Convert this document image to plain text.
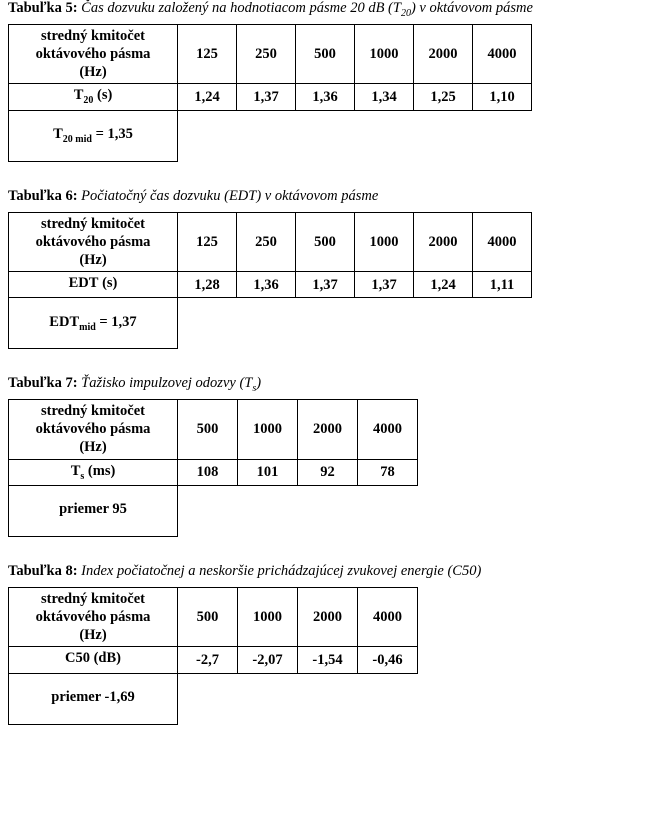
Tabuľka 5: Čas dozvuku založený na hodnotiacom pásme 20 dB $(T_{20})$ v oktávovom pásme
stredný kmitočet
oktávového pásma
(Hz)	125	250	500	1000	2000	4000
$T_{20}$ (s)	1,24	1,37	1,36	1,34	1,25	1,10
$T_{20 mid} = 1,35$						
Tabuľka 6: Počiatočný čas dozvuku (EDT) v oktávovom pásme
stredný kmitočet
oktávového pásma
(Hz)	125	250	500	1000	2000	4000
EDT (s)	1,28	1,36	1,37	1,37	1,24	1,11
$EDT_{mid} = 1,37$						
Tabuľka 7: Ťažisko impulzovej odozvy $(T_s)$
stredný kmitočet
oktávového pásma
(Hz)	500	1000	2000	4000
$T_s$ (ms)	108	101	92	78
priemer 95				
Tabuľka 8: Index počiatočnej a neskoršie prichádzajúcej zvukovej energie (C50)
stredný kmitočet
oktávového pásma
(Hz)	500	1000	2000	4000
C50 (dB)	-2,7	-2,07	-1,54	-0,46
priemer -1,69				
